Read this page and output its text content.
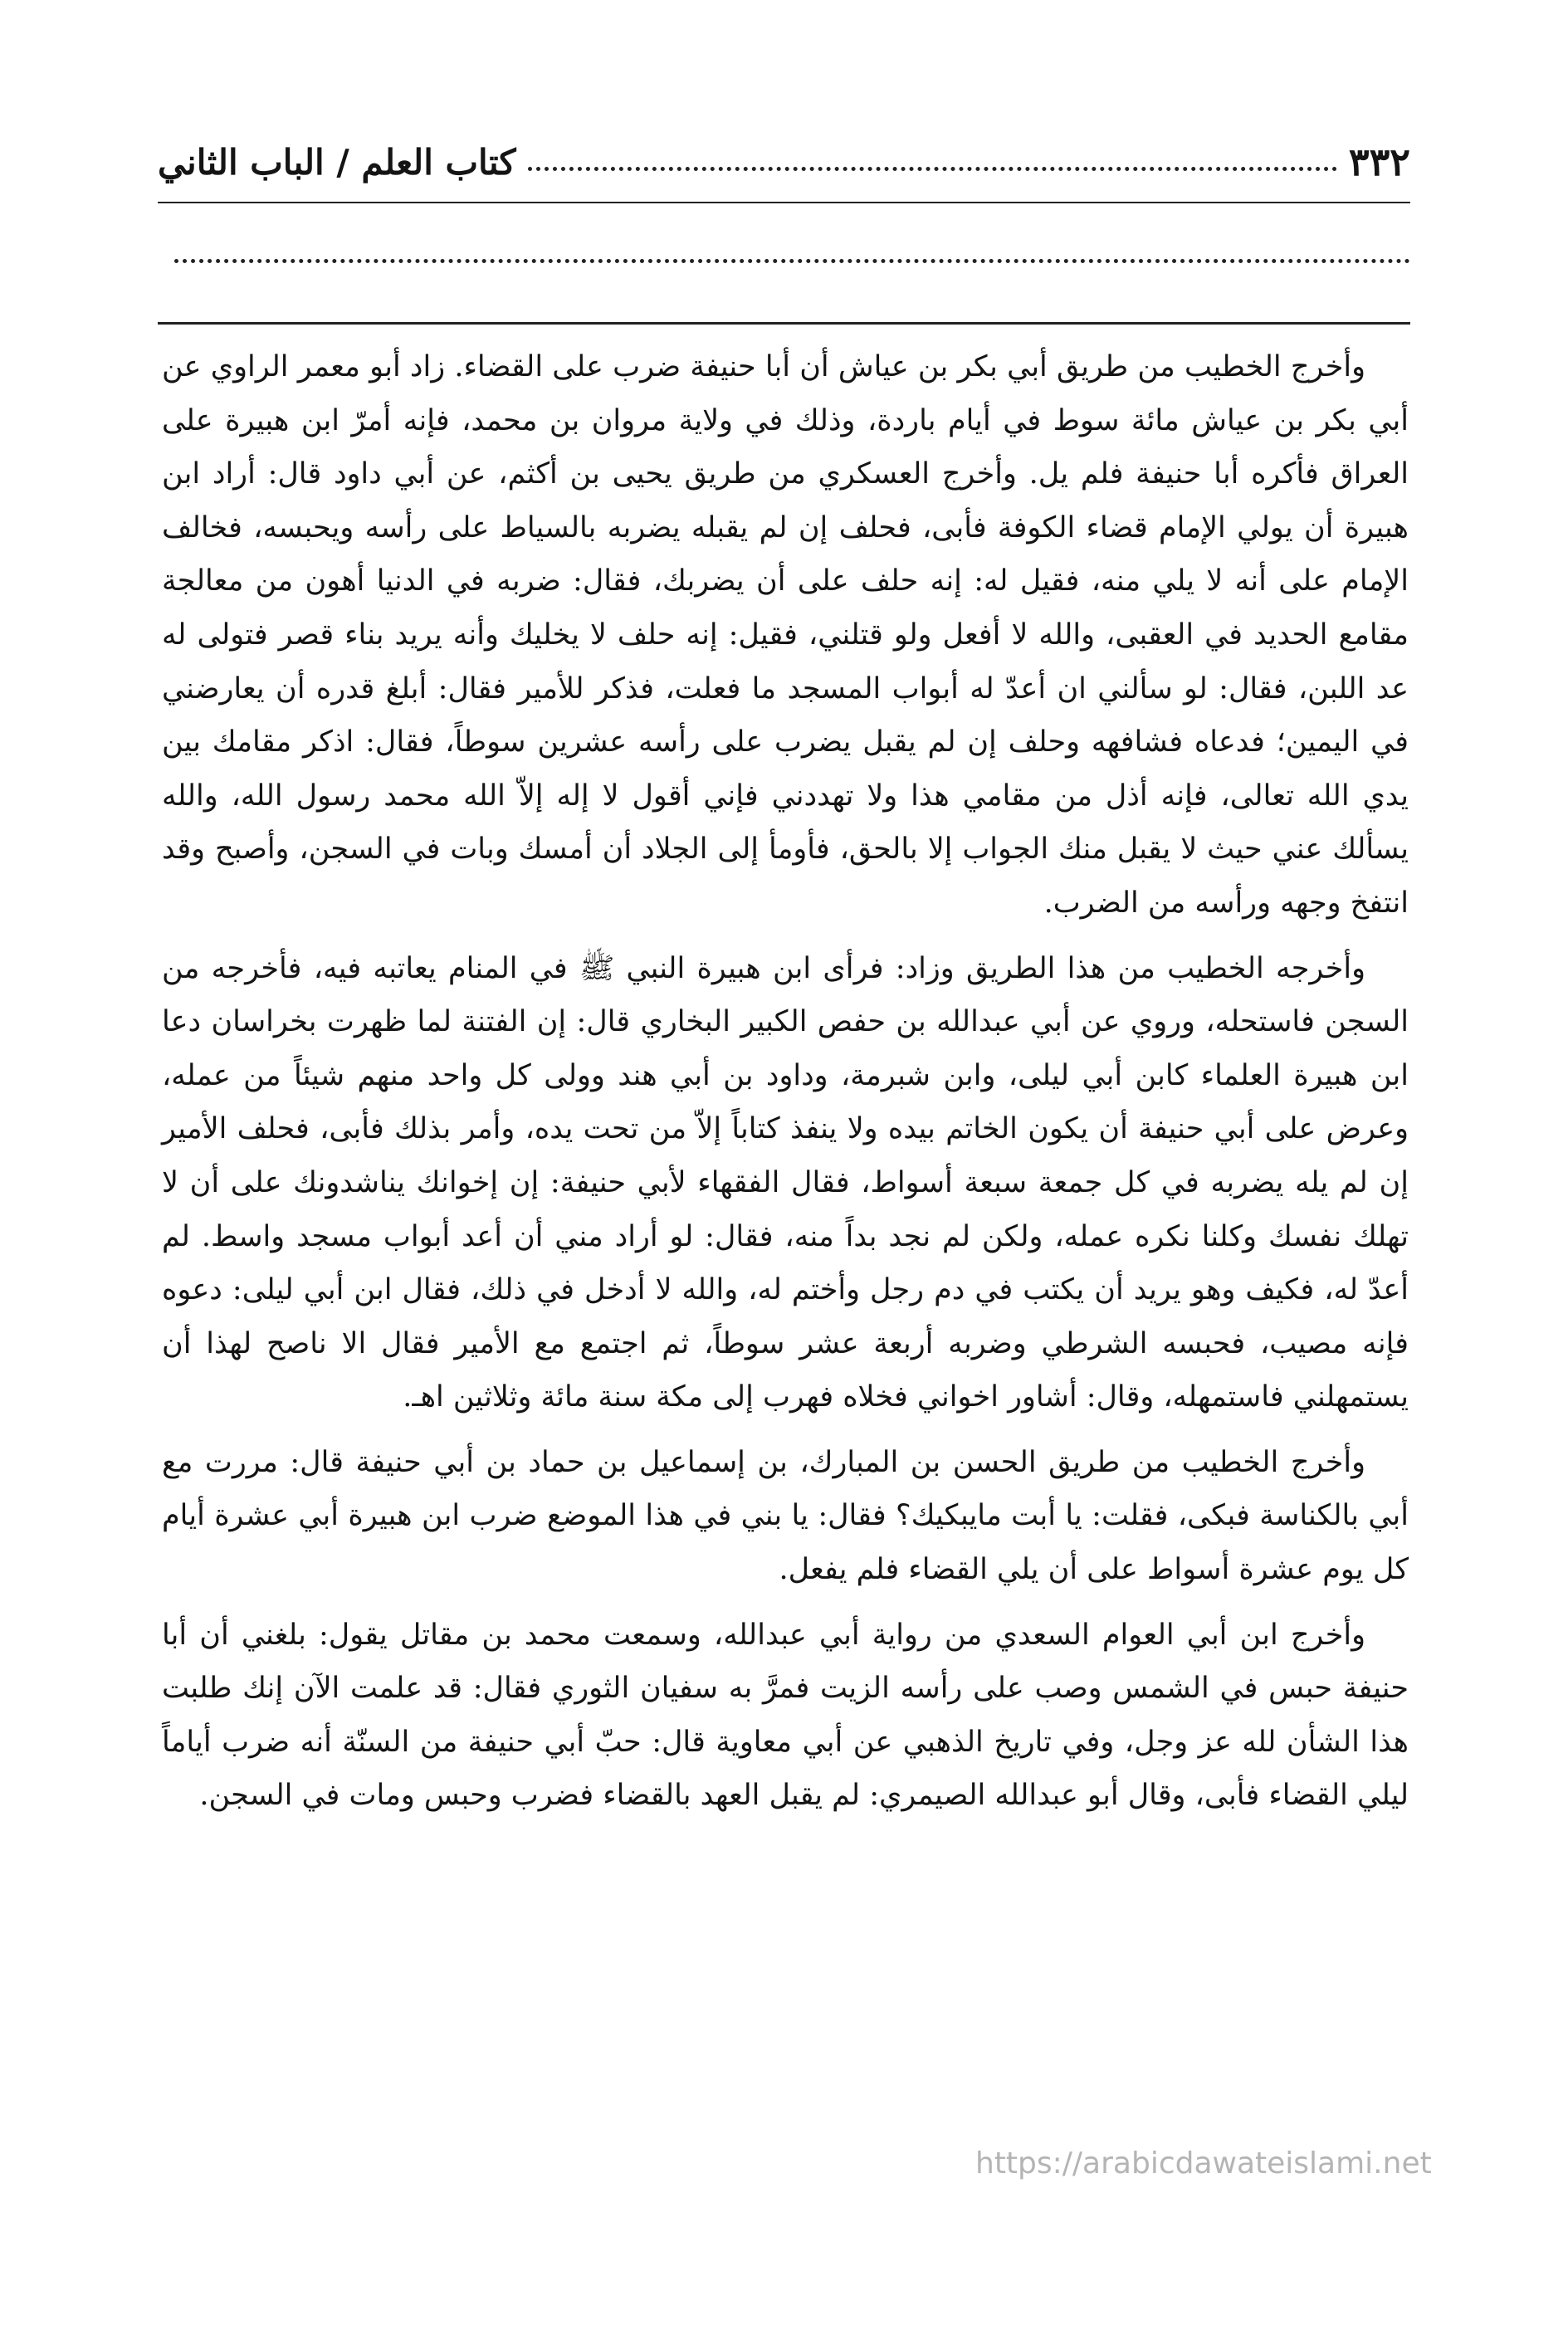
٣٣٢
كتاب العلم / الباب الثاني

وأخرج الخطيب من طريق أبي بكر بن عياش أن أبا حنيفة ضرب على القضاء. زاد أبو معمر الراوي عن أبي بكر بن عياش مائة سوط في أيام باردة، وذلك في ولاية مروان بن محمد، فإنه أمرّ ابن هبيرة على العراق فأكره أبا حنيفة فلم يل. وأخرج العسكري من طريق يحيى بن أكثم، عن أبي داود قال: أراد ابن هبيرة أن يولي الإمام قضاء الكوفة فأبى، فحلف إن لم يقبله يضربه بالسياط على رأسه ويحبسه، فخالف الإمام على أنه لا يلي منه، فقيل له: إنه حلف على أن يضربك، فقال: ضربه في الدنيا أهون من معالجة مقامع الحديد في العقبى، والله لا أفعل ولو قتلني، فقيل: إنه حلف لا يخليك وأنه يريد بناء قصر فتولى له عد اللبن، فقال: لو سألني ان أعدّ له أبواب المسجد ما فعلت، فذكر للأمير فقال: أبلغ قدره أن يعارضني في اليمين؛ فدعاه فشافهه وحلف إن لم يقبل يضرب على رأسه عشرين سوطاً، فقال: اذكر مقامك بين يدي الله تعالى، فإنه أذل من مقامي هذا ولا تهددني فإني أقول لا إله إلاّ الله محمد رسول الله، والله يسألك عني حيث لا يقبل منك الجواب إلا بالحق، فأومأ إلى الجلاد أن أمسك وبات في السجن، وأصبح وقد انتفخ وجهه ورأسه من الضرب.

وأخرجه الخطيب من هذا الطريق وزاد: فرأى ابن هبيرة النبي ﷺ في المنام يعاتبه فيه، فأخرجه من السجن فاستحله، وروي عن أبي عبدالله بن حفص الكبير البخاري قال: إن الفتنة لما ظهرت بخراسان دعا ابن هبيرة العلماء كابن أبي ليلى، وابن شبرمة، وداود بن أبي هند وولى كل واحد منهم شيئاً من عمله، وعرض على أبي حنيفة أن يكون الخاتم بيده ولا ينفذ كتاباً إلاّ من تحت يده، وأمر بذلك فأبى، فحلف الأمير إن لم يله يضربه في كل جمعة سبعة أسواط، فقال الفقهاء لأبي حنيفة: إن إخوانك يناشدونك على أن لا تهلك نفسك وكلنا نكره عمله، ولكن لم نجد بداً منه، فقال: لو أراد مني أن أعد أبواب مسجد واسط. لم أعدّ له، فكيف وهو يريد أن يكتب في دم رجل وأختم له، والله لا أدخل في ذلك، فقال ابن أبي ليلى: دعوه فإنه مصيب، فحبسه الشرطي وضربه أربعة عشر سوطاً، ثم اجتمع مع الأمير فقال الا ناصح لهذا أن يستمهلني فاستمهله، وقال: أشاور اخواني فخلاه فهرب إلى مكة سنة مائة وثلاثين اهـ.

وأخرج الخطيب من طريق الحسن بن المبارك، بن إسماعيل بن حماد بن أبي حنيفة قال: مررت مع أبي بالكناسة فبكى، فقلت: يا أبت مايبكيك؟ فقال: يا بني في هذا الموضع ضرب ابن هبيرة أبي عشرة أيام كل يوم عشرة أسواط على أن يلي القضاء فلم يفعل.

وأخرج ابن أبي العوام السعدي من رواية أبي عبدالله، وسمعت محمد بن مقاتل يقول: بلغني أن أبا حنيفة حبس في الشمس وصب على رأسه الزيت فمرَّ به سفيان الثوري فقال: قد علمت الآن إنك طلبت هذا الشأن لله عز وجل، وفي تاريخ الذهبي عن أبي معاوية قال: حبّ أبي حنيفة من السنّة أنه ضرب أياماً ليلي القضاء فأبى، وقال أبو عبدالله الصيمري: لم يقبل العهد بالقضاء فضرب وحبس ومات في السجن.

https://arabicdawateislami.net
